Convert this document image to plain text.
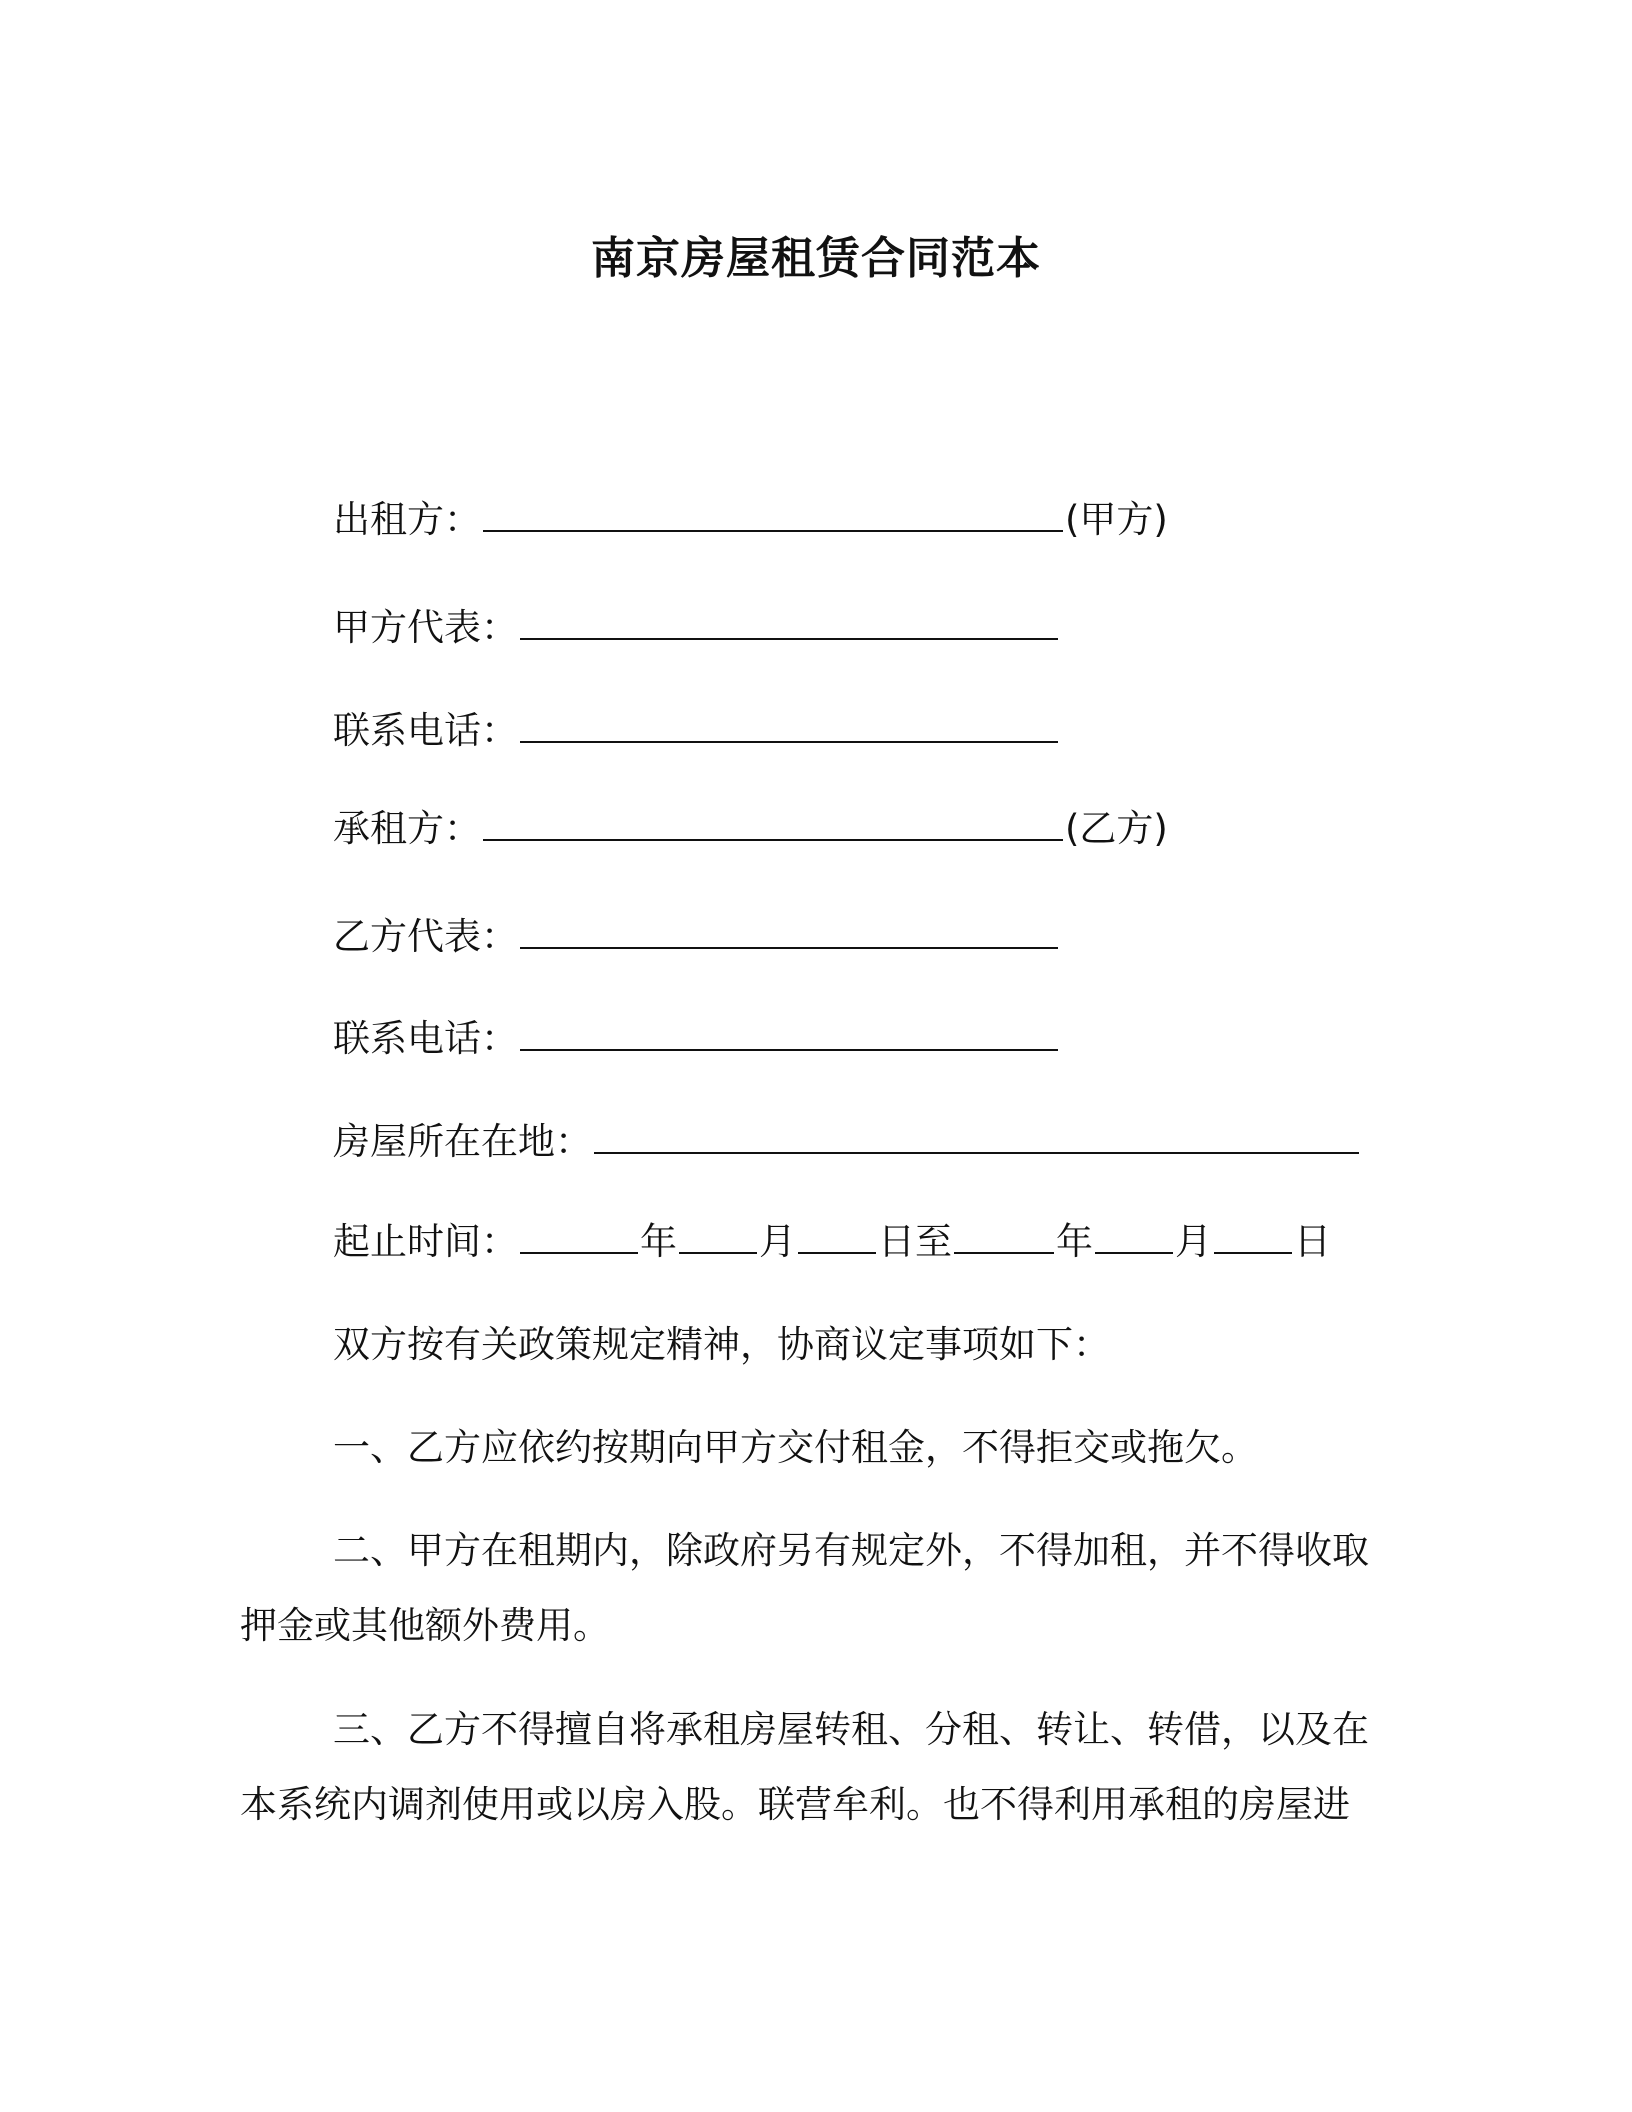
南京房屋租赁合同范本
出租方：	(甲方)
甲方代表：
联系电话：
承租方：	(乙方)
乙方代表：
联系电话：
房屋所在在地：
起止时间：	年 月 日至	年 月 日
双方按有关政策规定精神，协商议定事项如下：
一、乙方应依约按期向甲方交付租金，不得拒交或拖欠。
二、甲方在租期内，除政府另有规定外，不得加租，并不得收取
押金或其他额外费用。
三、乙方不得擅自将承租房屋转租、分租、转让、转借，以及在
本系统内调剂使用或以房入股。联营牟利。也不得利用承租的房屋进
